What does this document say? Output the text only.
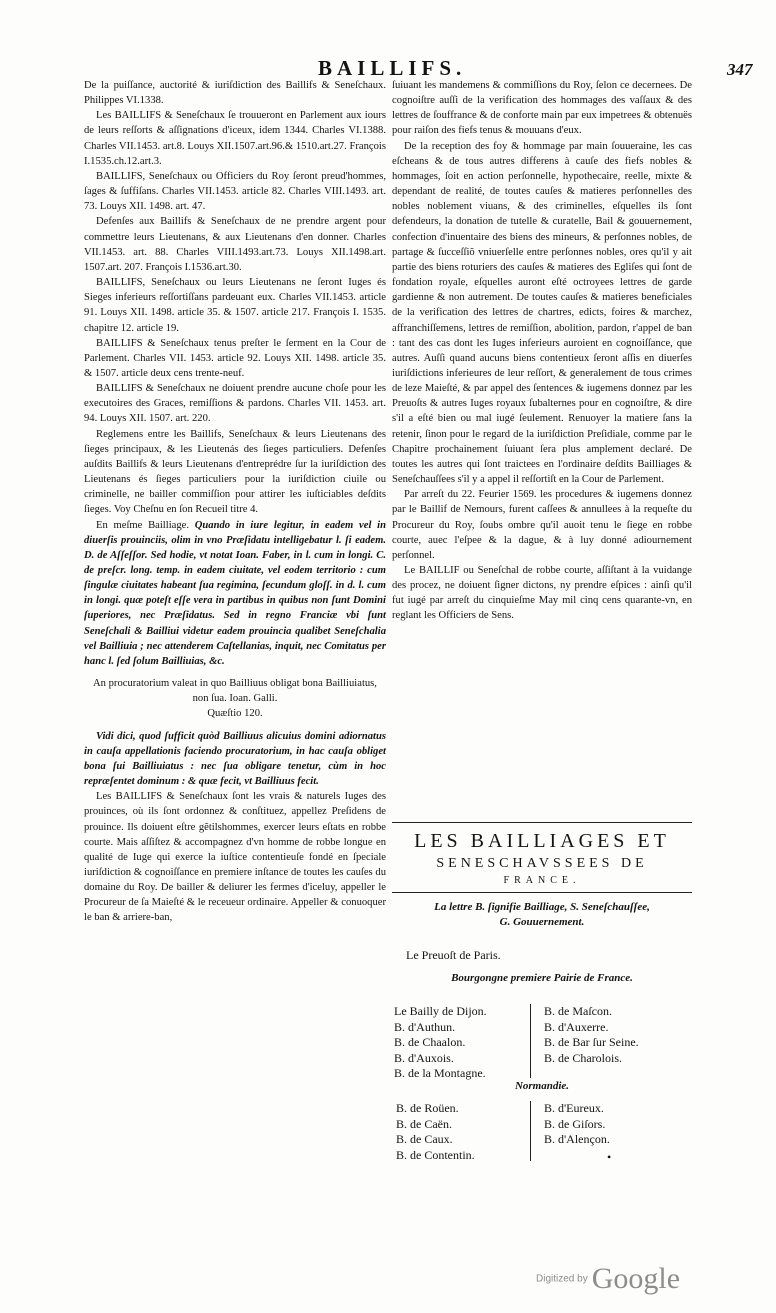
BAILLIFS.	347

De la puiſſance, auctorité & iuriſdiction des Baillifs & Seneſchaux. Philippes VI.1338.

Les BAILLIFS & Seneſchaux ſe trouueront en Parlement aux iours de leurs reſſorts & aſſignations d'iceux, idem 1344. Charles VI.1388. Charles VII.1453. art.8. Louys XII.1507.art.96.& 1510.art.27. François I.1535.ch.12.art.3.

BAILLIFS, Seneſchaux ou Officiers du Roy ſeront preud'hommes, ſages & ſuffiſans. Charles VII.1453. article 82. Charles VIII.1493. art. 73. Louys XII. 1498. art. 47.

Defenſes aux Baillifs & Seneſchaux de ne prendre argent pour commettre leurs Lieutenans, & aux Lieutenans d'en donner. Charles VII.1453. art. 88. Charles VIII.1493.art.73. Louys XII.1498.art. 1507.art. 207. François I.1536.art.30.

BAILLIFS, Seneſchaux ou leurs Lieutenans ne ſeront Iuges és Sieges inferieurs reſſortiſſans pardeuant eux. Charles VII.1453. article 91. Louys XII. 1498. article 35. & 1507. article 217. François I. 1535. chapitre 12. article 19.

BAILLIFS & Seneſchaux tenus preſter le ſerment en la Cour de Parlement. Charles VII. 1453. article 92. Louys XII. 1498. article 35. & 1507. article deux cens trente-neuf.

BAILLIFS & Seneſchaux ne doiuent prendre aucune choſe pour les executoires des Graces, remiſſions & pardons. Charles VII. 1453. art. 94. Louys XII. 1507. art. 220.

Reglemens entre les Baillifs, Seneſchaux & leurs Lieutenans des ſieges principaux, & les Lieutenás des ſieges particuliers. Defenſes auſdits Baillifs & leurs Lieutenans d'entreprédre ſur la iuriſdiction des Lieutenans és ſieges particuliers pour la iuriſdiction ciuile ou criminelle, ne bailler commiſſion pour attirer les iuſticiables deſdits ſieges. Voy Cheſnu en ſon Recueil titre 4.

En meſme Bailliage. Quando in iure legitur, in eadem vel in diuerſis prouinciis, olim in vno Præſidatu intelligebatur l. ſi eadem. D. de Aſſeſſor. Sed hodie, vt notat Ioan. Faber, in l. cum in longi. C. de preſcr. long. temp. in eadem ciuitate, vel eodem territorio : cum ſingulæ ciuitates habeant ſua regimina, ſecundum gloſſ. in d. l. cum in longi. quæ poteſt eſſe vera in partibus in quibus non ſunt Domini ſuperiores, nec Præſidatus. Sed in regno Franciæ vbi ſunt Seneſchali & Bailliui videtur eadem prouincia qualibet Seneſchalia vel Bailliuia ; nec attenderem Caſtellanias, inquit, nec Comitatus per hanc l. ſed ſolum Bailliuias, &c.

An procuratorium valeat in quo Bailliuus obligat bona Bailliuiatus, non ſua. Ioan. Galli.

Quæſtio 120.

Vidi dici, quod ſufficit quòd Bailliuus alicuius domini adiornatus in cauſa appellationis faciendo procuratorium, in hac cauſa obliget bona ſui Bailliuiatus : nec ſua obligare tenetur, cùm in hoc repræſentet dominum : & quæ fecit, vt Bailliuus fecit.

Les BAILLIFS & Seneſchaux ſont les vrais & naturels Iuges des prouinces, où ils ſont ordonnez & conſtituez, appellez Preſidens de prouince. Ils doiuent eſtre gẽtilshommes, exercer leurs eſtats en robbe courte. Mais aſſiſtez & accompagnez d'vn homme de robbe longue en qualité de Iuge qui exerce la iuſtice contentieuſe fondé en ſpeciale iuriſdiction & cognoiſſance en premiere inſtance de toutes les cauſes du domaine du Roy. De bailler & deliurer les fermes d'iceluy, appeller le Procureur de ſa Maieſté & le receueur ordinaire. Appeller & conuoquer le ban & arriere-ban,

ſuiuant les mandemens & commiſſions du Roy, ſelon ce decernees. De cognoiſtre auſſi de la verification des hommages des vaſſaux & des lettres de ſouffrance & de conforte main par eux impetrees & obtenuës pour raiſon des fiefs tenus & mouuans d'eux.

De la reception des foy & hommage par main ſouueraine, les cas eſcheans & de tous autres differens à cauſe des fiefs nobles & hommages, ſoit en action perſonnelle, hypothecaire, reelle, mixte & dependant de realité, de toutes cauſes & matieres perſonnelles des nobles noblement viuans, & des criminelles, eſquelles ils ſont defendeurs, la donation de tutelle & curatelle, Bail & gouuernement, confection d'inuentaire des biens des mineurs, & perſonnes nobles, de partage & ſucceſſiõ vniuerſelle entre perſonnes nobles, ores qu'il y ait partie des biens roturiers des cauſes & matieres des Egliſes qui ſont de fondation royale, eſquelles auront eſté octroyees lettres de garde gardienne & non autrement. De toutes cauſes & matieres beneficiales de la verification des lettres de chartres, edicts, foires & marchez, affranchiſſemens, lettres de remiſſion, abolition, pardon, r'appel de ban : tant des cas dont les Iuges inferieurs auroient en cognoiſſance, que autres. Auſſi quand aucuns biens contentieux ſeront aſſis en diuerſes iuriſdictions inferieures de leur reſſort, & generalement de tous crimes de leze Maieſté, & par appel des ſentences & iugemens donnez par les Preuoſts & autres Iuges royaux ſubalternes pour en cognoiſtre, & dire s'il a eſté bien ou mal iugé ſeulement. Renuoyer la matiere ſans la retenir, ſinon pour le regard de la iuriſdiction Preſidiale, comme par le Chapitre prochainement ſuiuant ſera plus amplement declaré. De toutes les autres qui ſont traictees en l'ordinaire deſdits Bailliages & Seneſchauſſees s'il y a appel il reſſortiſt en la Cour de Parlement.

Par arreſt du 22. Feurier 1569. les procedures & iugemens donnez par le Baillif de Nemours, furent caſſees & annullees à la requeſte du Procureur du Roy, ſoubs ombre qu'il auoit tenu le ſiege en robbe courte, auec l'eſpee & la dague, & à luy donné adiournement perſonnel.

Le BAILLIF ou Seneſchal de robbe courte, aſſiſtant à la vuidange des procez, ne doiuent ſigner dictons, ny prendre eſpices : ainſi qu'il fut iugé par arreſt du cinquieſme May mil cinq cens quarante-vn, en reglant les Officiers de Sens.

LES BAILLIAGES ET
SENESCHAVSSEES DE
FRANCE.
La lettre B. ſignifie Bailliage, S. Seneſchauſſee,
G. Gouuernement.
Le Preuoſt de Paris.
Bourgongne premiere Pairie de France.
Le Bailly de Dijon.
B. d'Authun.
B. de Chaalon.
B. d'Auxois.
B. de la Montagne.
B. de Maſcon.
B. d'Auxerre.
B. de Bar ſur Seine.
B. de Charolois.
Normandie.
B. de Roüen.
B. de Caën.
B. de Caux.
B. de Contentin.
B. d'Eureux.
B. de Giſors.
B. d'Alençon.
•
Digitized by Google
